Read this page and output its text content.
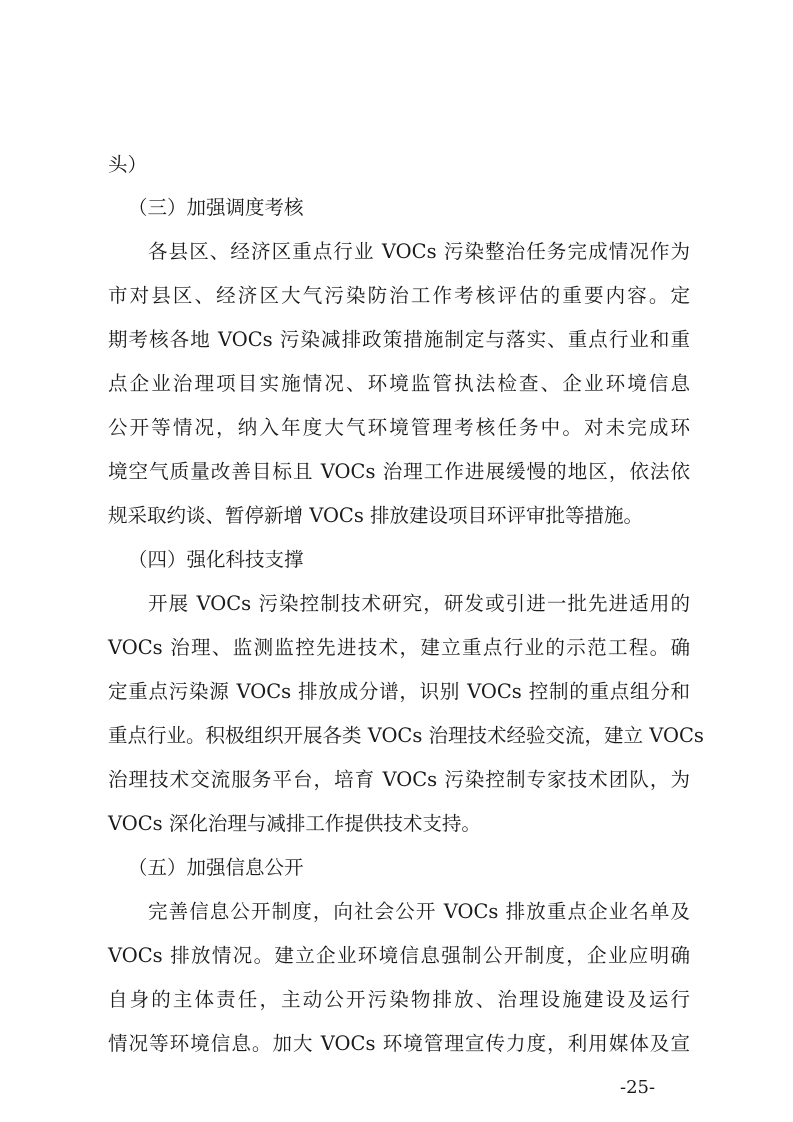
头）
（三）加强调度考核
各县区、经济区重点行业 VOCs 污染整治任务完成情况作为
市对县区、经济区大气污染防治工作考核评估的重要内容。定
期考核各地 VOCs 污染减排政策措施制定与落实、重点行业和重
点企业治理项目实施情况、环境监管执法检查、企业环境信息
公开等情况，纳入年度大气环境管理考核任务中。对未完成环
境空气质量改善目标且 VOCs 治理工作进展缓慢的地区，依法依
规采取约谈、暂停新增 VOCs 排放建设项目环评审批等措施。
（四）强化科技支撑
开展 VOCs 污染控制技术研究，研发或引进一批先进适用的
VOCs 治理、监测监控先进技术，建立重点行业的示范工程。确
定重点污染源 VOCs 排放成分谱，识别 VOCs 控制的重点组分和
重点行业。积极组织开展各类 VOCs 治理技术经验交流，建立 VOCs
治理技术交流服务平台，培育 VOCs 污染控制专家技术团队，为
VOCs 深化治理与减排工作提供技术支持。
（五）加强信息公开
完善信息公开制度，向社会公开 VOCs 排放重点企业名单及
VOCs 排放情况。建立企业环境信息强制公开制度，企业应明确
自身的主体责任，主动公开污染物排放、治理设施建设及运行
情况等环境信息。加大 VOCs 环境管理宣传力度，利用媒体及宣
-25-
